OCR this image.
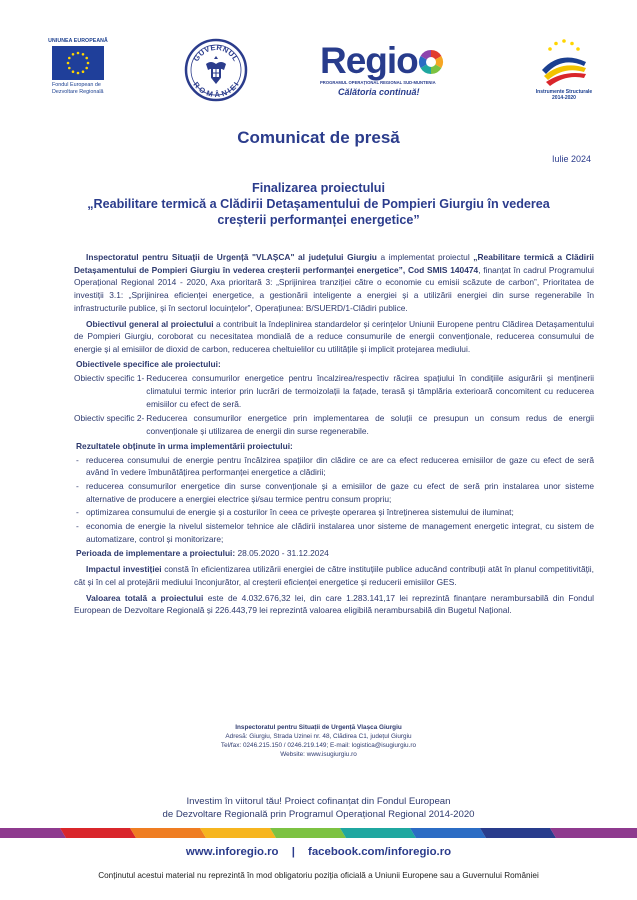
UNIUNEA EUROPEANĂ
Fondul European de
Dezvoltare Regională
GUVERNUL
ROMÂNIEI
Regio
PROGRAMUL OPERAȚIONAL REGIONAL SUD-MUNTENIA
Călătoria continuă!	Instrumente Structurale
2014-2020
Comunicat de presă
Iulie 2024
Finalizarea proiectului
„Reabilitare termică a Clădirii Detașamentului de Pompieri Giurgiu în vederea
creșterii performanței energetice”

Inspectoratul pentru Situații de Urgență "VLAȘCA" al județului Giurgiu a implementat proiectul „Reabilitare termică a Clădirii Detașamentului de Pompieri Giurgiu în vederea creșterii performanței energetice”, Cod SMIS 140474, finanțat în cadrul Programului Operațional Regional 2014 - 2020, Axa prioritară 3: „Sprijinirea tranziției către o economie cu emisii scăzute de carbon”, Prioritatea de investiții 3.1: „Sprijinirea eficienței energetice, a gestionării inteligente a energiei și a utilizării energiei din surse regenerabile în infrastructurile publice, și în sectorul locuințelor”, Operațiunea: B/SUERD/1-Clădiri publice.

Obiectivul general al proiectului a contribuit la îndeplinirea standardelor și cerințelor Uniunii Europene pentru Clădirea Detașamentului de Pompieri Giurgiu, coroborat cu necesitatea mondială de a reduce consumurile de energii convenționale, reducerea consumului de energie și al emisiilor de dioxid de carbon, reducerea cheltuielilor cu utilitățile și implicit protejarea mediului.

Obiectivele specifice ale proiectului:

Obiectiv specific 1- Reducerea consumurilor energetice pentru încalzirea/respectiv răcirea spațiului în condițiile asigurării și menținerii climatului termic interior prin lucrări de termoizolații la fațade, terasă și tâmplăria exterioară concomitent cu reducerea emisiilor cu efect de seră.
Obiectiv specific 2- Reducerea consumurilor energetice prin implementarea de soluții ce presupun un consum redus de energii convenționale și utilizarea de energii din surse regenerabile.

Rezultatele obținute în urma implementării proiectului:

- reducerea consumului de energie pentru încălzirea spațiilor din clădire ce are ca efect reducerea emisiilor de gaze cu efect de seră având în vedere îmbunătățirea performanței energetice a clădirii;
- reducerea consumurilor energetice din surse convenționale și a emisiilor de gaze cu efect de seră prin instalarea unor sisteme alternative de producere a energiei electrice și/sau termice pentru consum propriu;
- optimizarea consumului de energie și a costurilor în ceea ce privește operarea și întreținerea sistemului de iluminat;
- economia de energie la nivelul sistemelor tehnice ale clădirii instalarea unor sisteme de management energetic integrat, cu sistem de automatizare, control și monitorizare;

Perioada de implementare a proiectului: 28.05.2020 - 31.12.2024

Impactul investiției constă în eficientizarea utilizării energiei de către instituțiile publice aducând contribuții atât în planul competitivității, cât și în cel al protejării mediului înconjurător, al creșterii eficienței energetice și reducerii emisiilor GES.

Valoarea totală a proiectului este de 4.032.676,32 lei, din care 1.283.141,17 lei reprezintă finanțare nerambursabilă din Fondul European de Dezvoltare Regională și 226.443,79 lei reprezintă valoarea eligibilă nerambursabilă din Bugetul Național.

Inspectoratul pentru Situații de Urgență Vlașca Giurgiu
Adresă: Giurgiu, Strada Uzinei nr. 48, Clădirea C1, județul Giurgiu
Tel/fax: 0246.215.150 / 0246.219.149; E-mail: logistica@isugiurgiu.ro
Website: www.isugiurgiu.ro
Investim în viitorul tău! Proiect cofinanțat din Fondul European
de Dezvoltare Regională prin Programul Operațional Regional 2014-2020
www.inforegio.ro | facebook.com/inforegio.ro
Conținutul acestui material nu reprezintă în mod obligatoriu poziția oficială a Uniunii Europene sau a Guvernului României
